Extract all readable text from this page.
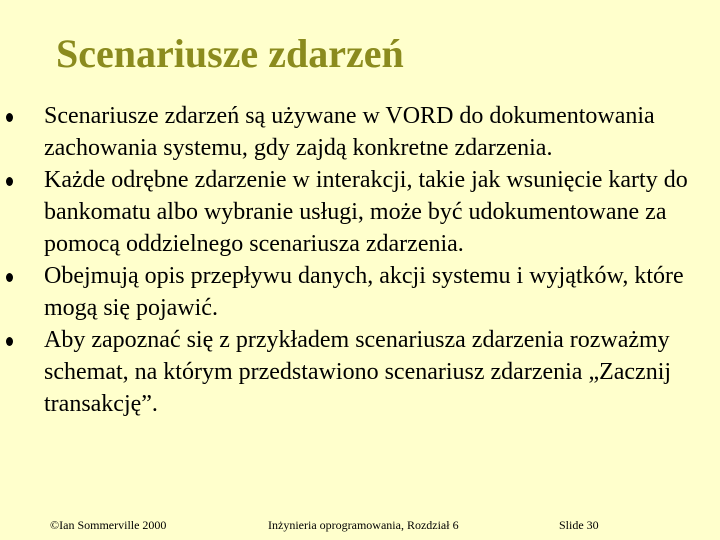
Scenariusze zdarzeń
Scenariusze zdarzeń są używane w VORD do dokumentowania zachowania systemu, gdy zajdą konkretne zdarzenia.
Każde odrębne zdarzenie w interakcji, takie jak wsunięcie karty do bankomatu albo wybranie usługi, może być udokumentowane za pomocą oddzielnego scenariusza zdarzenia.
Obejmują opis przepływu danych, akcji systemu i wyjątków, które mogą się pojawić.
Aby zapoznać się z przykładem scenariusza zdarzenia rozważmy schemat, na którym przedstawiono scenariusz zdarzenia „Zacznij transakcję”.
©Ian Sommerville 2000	Inżynieria oprogramowania, Rozdział 6	Slide 30
